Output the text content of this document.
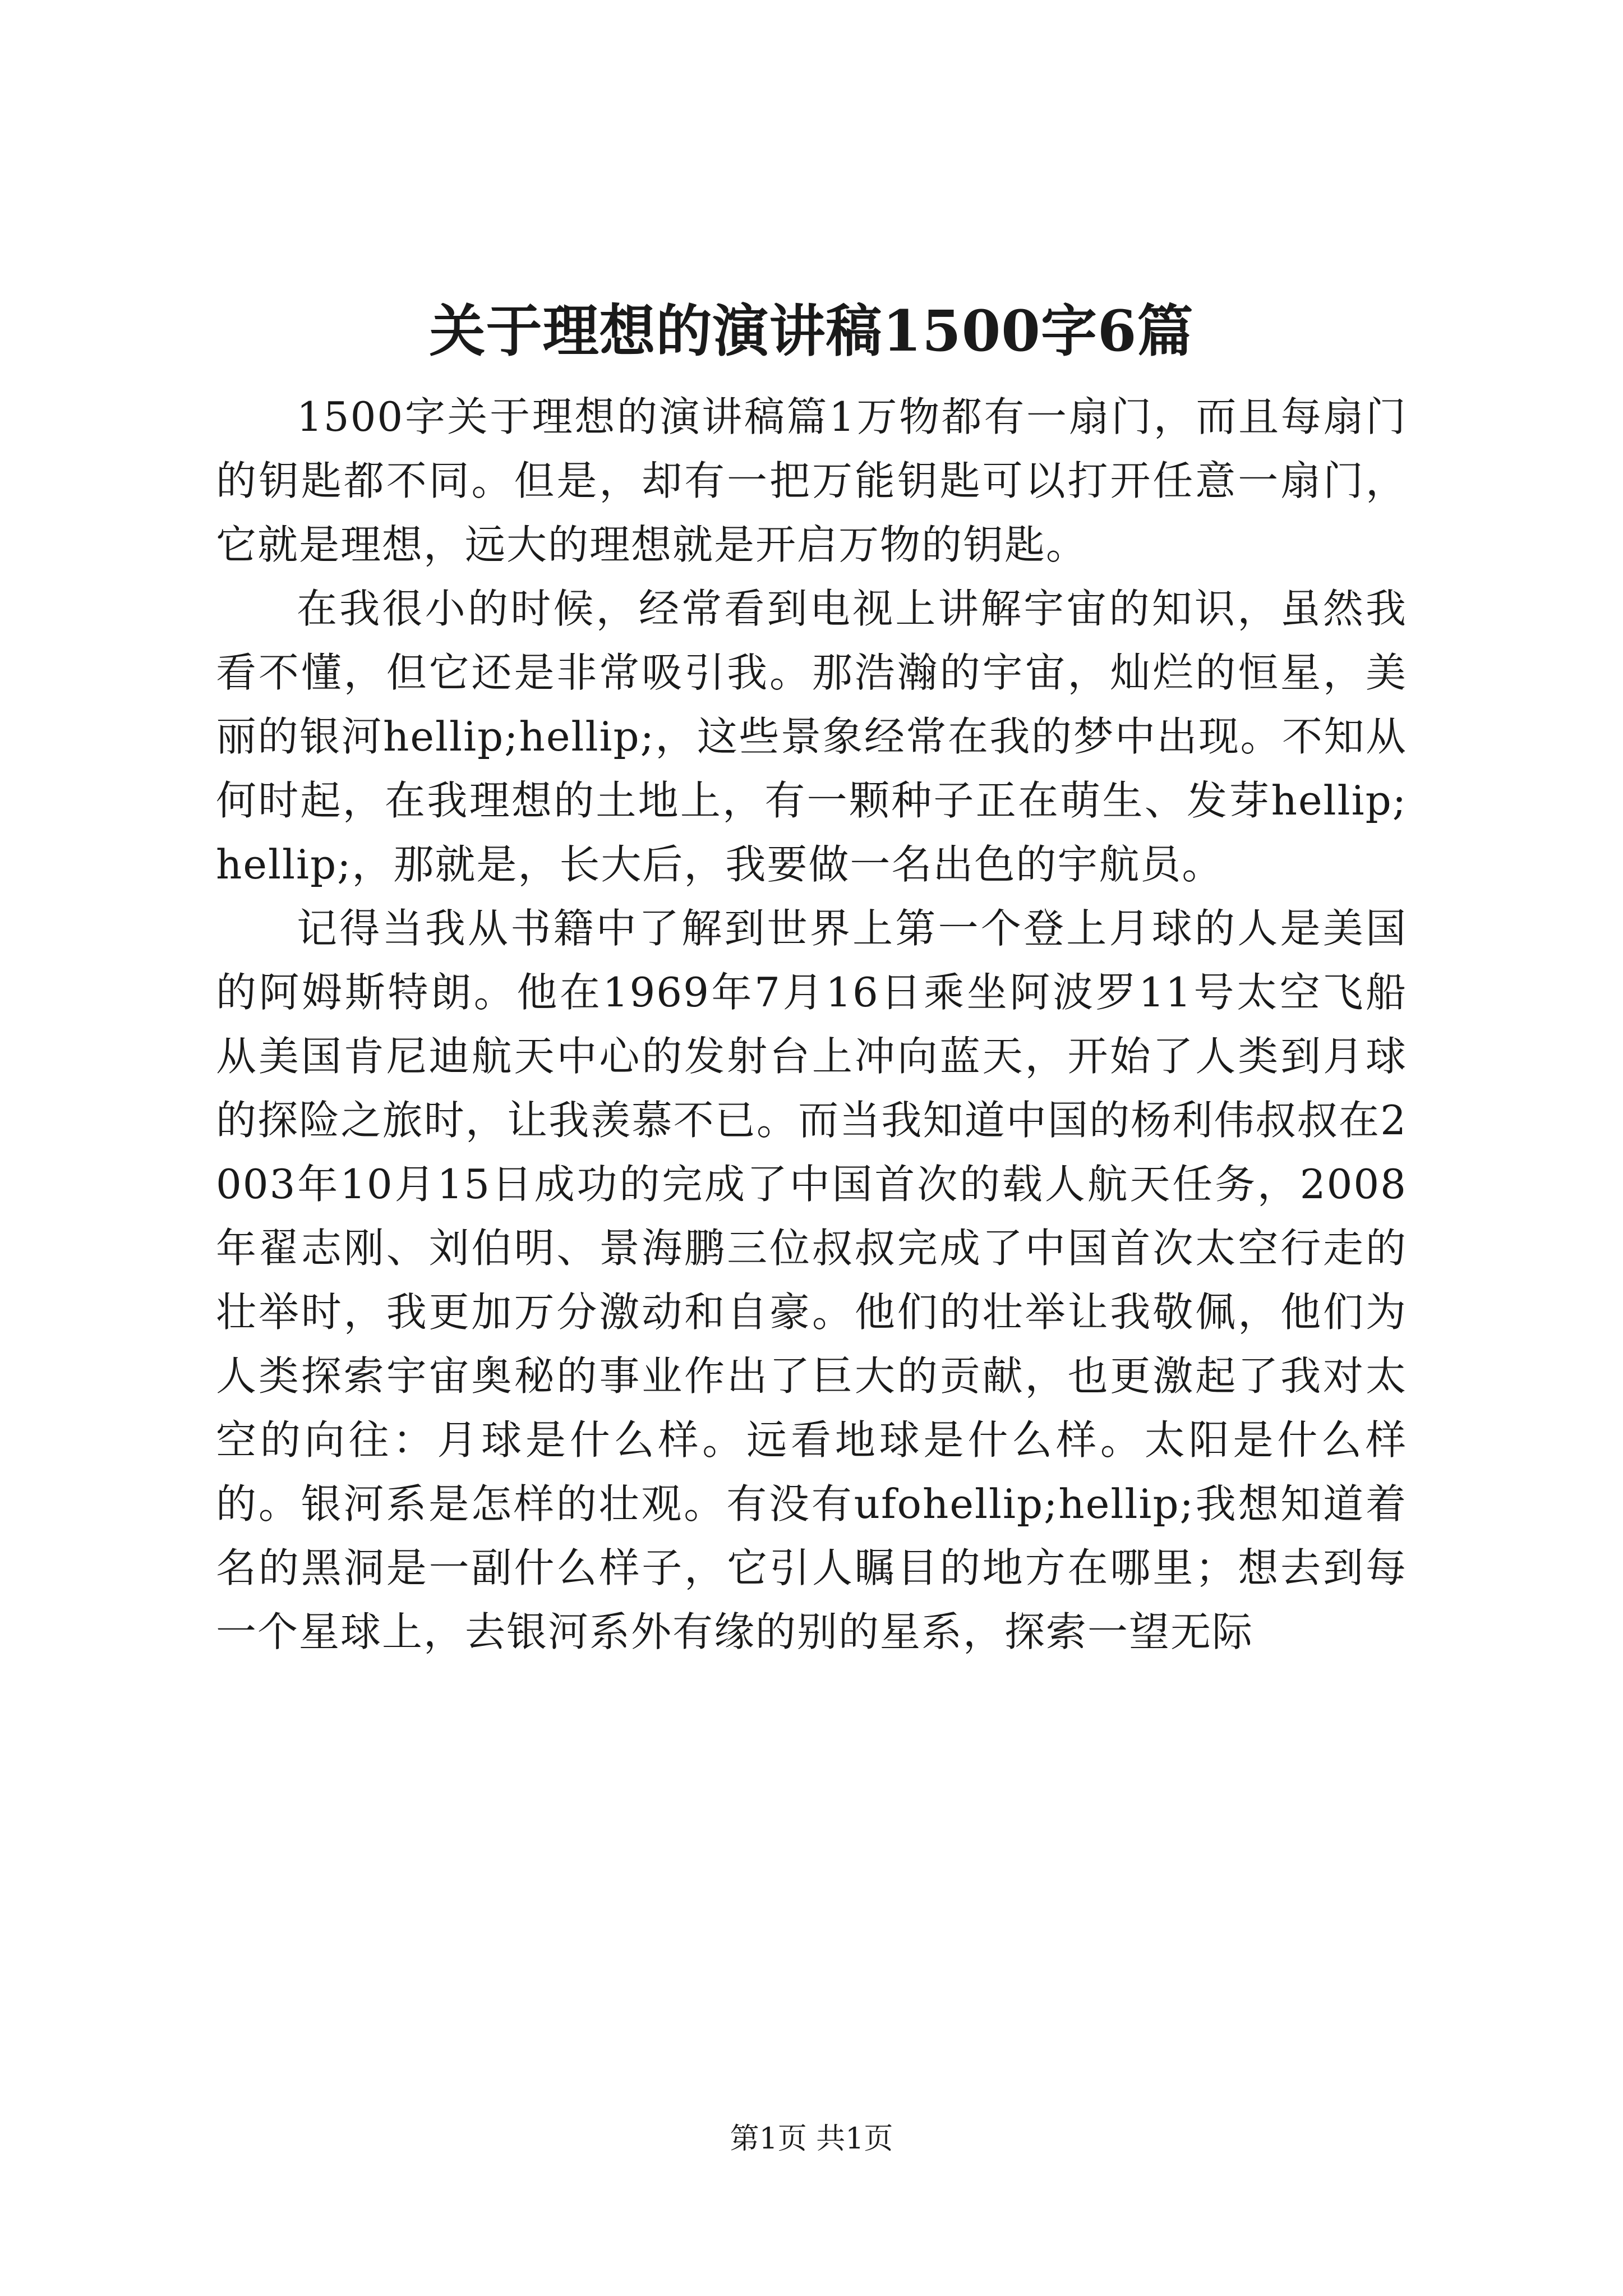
关于理想的演讲稿1500字6篇

1500字关于理想的演讲稿篇1万物都有一扇门，而且每扇门的钥匙都不同。但是，却有一把万能钥匙可以打开任意一扇门，它就是理想，远大的理想就是开启万物的钥匙。

在我很小的时候，经常看到电视上讲解宇宙的知识，虽然我看不懂，但它还是非常吸引我。那浩瀚的宇宙，灿烂的恒星，美丽的银河hellip;hellip;，这些景象经常在我的梦中出现。不知从何时起，在我理想的土地上，有一颗种子正在萌生、发芽hellip;hellip;，那就是，长大后，我要做一名出色的宇航员。

记得当我从书籍中了解到世界上第一个登上月球的人是美国的阿姆斯特朗。他在1969年7月16日乘坐阿波罗11号太空飞船从美国肯尼迪航天中心的发射台上冲向蓝天，开始了人类到月球的探险之旅时，让我羡慕不已。而当我知道中国的杨利伟叔叔在2003年10月15日成功的完成了中国首次的载人航天任务，2008年翟志刚、刘伯明、景海鹏三位叔叔完成了中国首次太空行走的壮举时，我更加万分激动和自豪。他们的壮举让我敬佩，他们为人类探索宇宙奥秘的事业作出了巨大的贡献，也更激起了我对太空的向往：月球是什么样。远看地球是什么样。太阳是什么样的。银河系是怎样的壮观。有没有ufohellip;hellip;我想知道着名的黑洞是一副什么样子，它引人瞩目的地方在哪里；想去到每一个星球上，去银河系外有缘的别的星系，探索一望无际

第1页 共1页
